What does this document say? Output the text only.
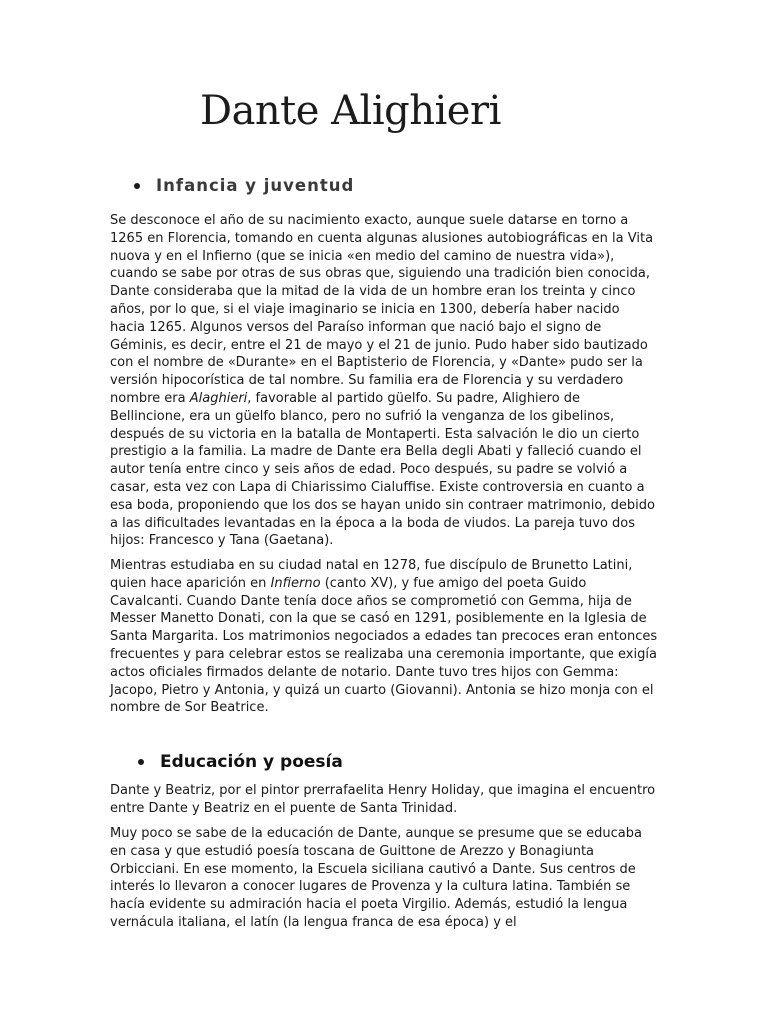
Dante Alighieri
Infancia y juventud

Se desconoce el año de su nacimiento exacto, aunque suele datarse en torno a 1265 en Florencia, tomando en cuenta algunas alusiones autobiográficas en la Vita nuova y en el Infierno (que se inicia «en medio del camino de nuestra vida»), cuando se sabe por otras de sus obras que, siguiendo una tradición bien conocida, Dante consideraba que la mitad de la vida de un hombre eran los treinta y cinco años, por lo que, si el viaje imaginario se inicia en 1300, debería haber nacido hacia 1265. Algunos versos del Paraíso informan que nació bajo el signo de Géminis, es decir, entre el 21 de mayo y el 21 de junio. Pudo haber sido bautizado con el nombre de «Durante» en el Baptisterio de Florencia, y «Dante» pudo ser la versión hipocorística de tal nombre. Su familia era de Florencia y su verdadero nombre era Alaghieri, favorable al partido güelfo. Su padre, Alighiero de Bellincione, era un güelfo blanco, pero no sufrió la venganza de los gibelinos, después de su victoria en la batalla de Montaperti. Esta salvación le dio un cierto prestigio a la familia. La madre de Dante era Bella degli Abati y falleció cuando el autor tenía entre cinco y seis años de edad. Poco después, su padre se volvió a casar, esta vez con Lapa di Chiarissimo Cialuffise. Existe controversia en cuanto a esa boda, proponiendo que los dos se hayan unido sin contraer matrimonio, debido a las dificultades levantadas en la época a la boda de viudos. La pareja tuvo dos hijos: Francesco y Tana (Gaetana).

Mientras estudiaba en su ciudad natal en 1278, fue discípulo de Brunetto Latini, quien hace aparición en Infierno (canto XV), y fue amigo del poeta Guido Cavalcanti. Cuando Dante tenía doce años se comprometió con Gemma, hija de Messer Manetto Donati, con la que se casó en 1291, posiblemente en la Iglesia de Santa Margarita. Los matrimonios negociados a edades tan precoces eran entonces frecuentes y para celebrar estos se realizaba una ceremonia importante, que exigía actos oficiales firmados delante de notario. Dante tuvo tres hijos con Gemma: Jacopo, Pietro y Antonia, y quizá un cuarto (Giovanni). Antonia se hizo monja con el nombre de Sor Beatrice.

Educación y poesía

Dante y Beatriz, por el pintor prerrafaelita Henry Holiday, que imagina el encuentro entre Dante y Beatriz en el puente de Santa Trinidad.

Muy poco se sabe de la educación de Dante, aunque se presume que se educaba en casa y que estudió poesía toscana de Guittone de Arezzo y Bonagiunta Orbicciani. En ese momento, la Escuela siciliana cautivó a Dante. Sus centros de interés lo llevaron a conocer lugares de Provenza y la cultura latina. También se hacía evidente su admiración hacia el poeta Virgilio. Además, estudió la lengua vernácula italiana, el latín (la lengua franca de esa época) y el
